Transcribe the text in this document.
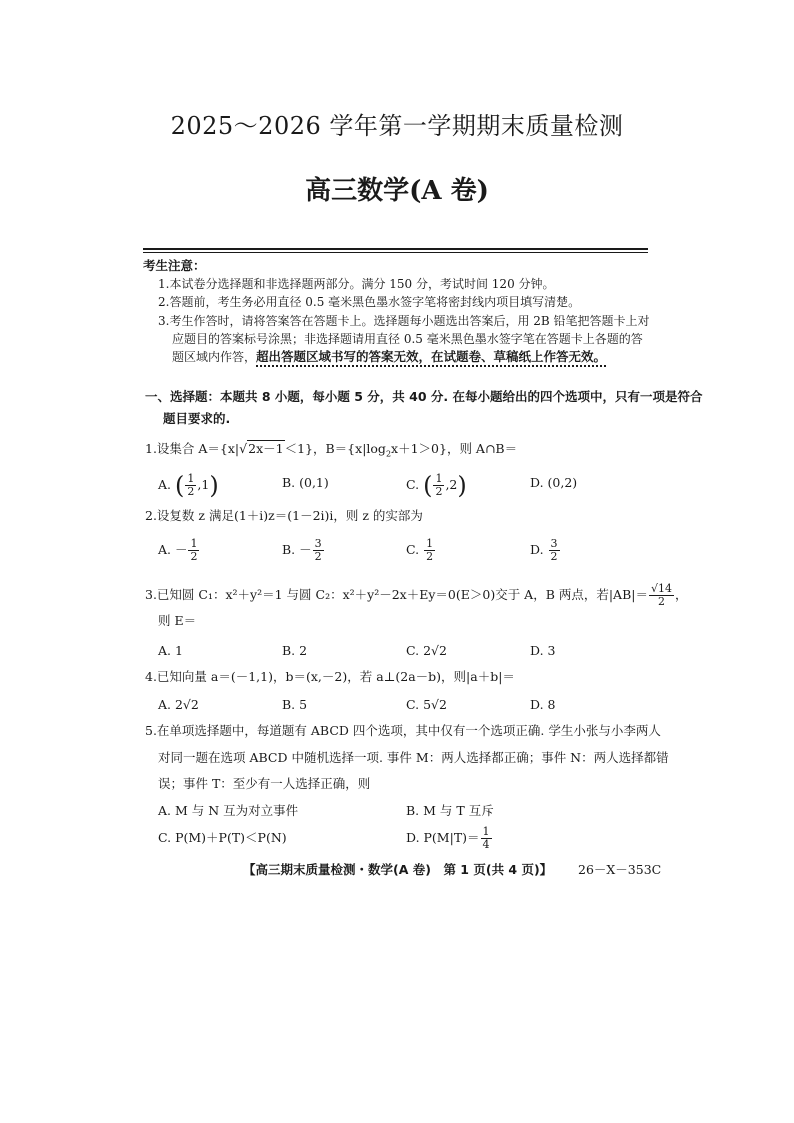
2025～2026 学年第一学期期末质量检测
高三数学(A 卷)
考生注意：
1.本试卷分选择题和非选择题两部分。满分 150 分，考试时间 120 分钟。
2.答题前，考生务必用直径 0.5 毫米黑色墨水签字笔将密封线内项目填写清楚。
3.考生作答时，请将答案答在答题卡上。选择题每小题选出答案后，用 2B 铅笔把答题卡上对
应题目的答案标号涂黑；非选择题请用直径 0.5 毫米黑色墨水签字笔在答题卡上各题的答
题区域内作答，超出答题区域书写的答案无效，在试题卷、草稿纸上作答无效。
一、选择题：本题共 8 小题，每小题 5 分，共 40 分. 在每小题给出的四个选项中，只有一项是符合
题目要求的.
1.设集合 A＝{x|√2x－1＜1}，$B=\{x|\log_2x+1>0\}$，则 A∩B＝
A. ( $\frac{1}{2} ,1$)	B. (0,1)	C. ( $\frac{1}{2} ,2$)	D. (0,2)
2.设复数 z 满足(1＋i)z＝(1－2i)i，则 z 的实部为
A. － $\frac{1}{2}$	B. － $\frac{3}{2}$	C. $\frac{1}{2}$	D. $\frac{3}{2}$
3.已知圆 C₁：x²＋y²＝1 与圆 C₂：x²＋y²－2x＋Ey＝0(E＞0)交于 A，B 两点，若$|AB|= \frac{√14}{2}$ ，
则 E＝
A. 1	B. 2	C. 2√2	D. 3
4.已知向量 a＝(－1,1)，b＝(x,－2)，若 a⊥(2a－b)，则|a＋b|＝
A. 2√2	B. 5	C. 5√2	D. 8
5.在单项选择题中，每道题有 ABCD 四个选项，其中仅有一个选项正确. 学生小张与小李两人
对同一题在选项 ABCD 中随机选择一项. 事件 M：两人选择都正确；事件 N：两人选择都错
误；事件 T：至少有一人选择正确，则
A. M 与 N 互为对立事件	B. M 与 T 互斥
C. P(M)＋P(T)＜P(N)	D. $P(M|T)= \frac{1}{4}$
【高三期末质量检测・数学(A 卷)　第 1 页(共 4 页)】 26－X－353C
